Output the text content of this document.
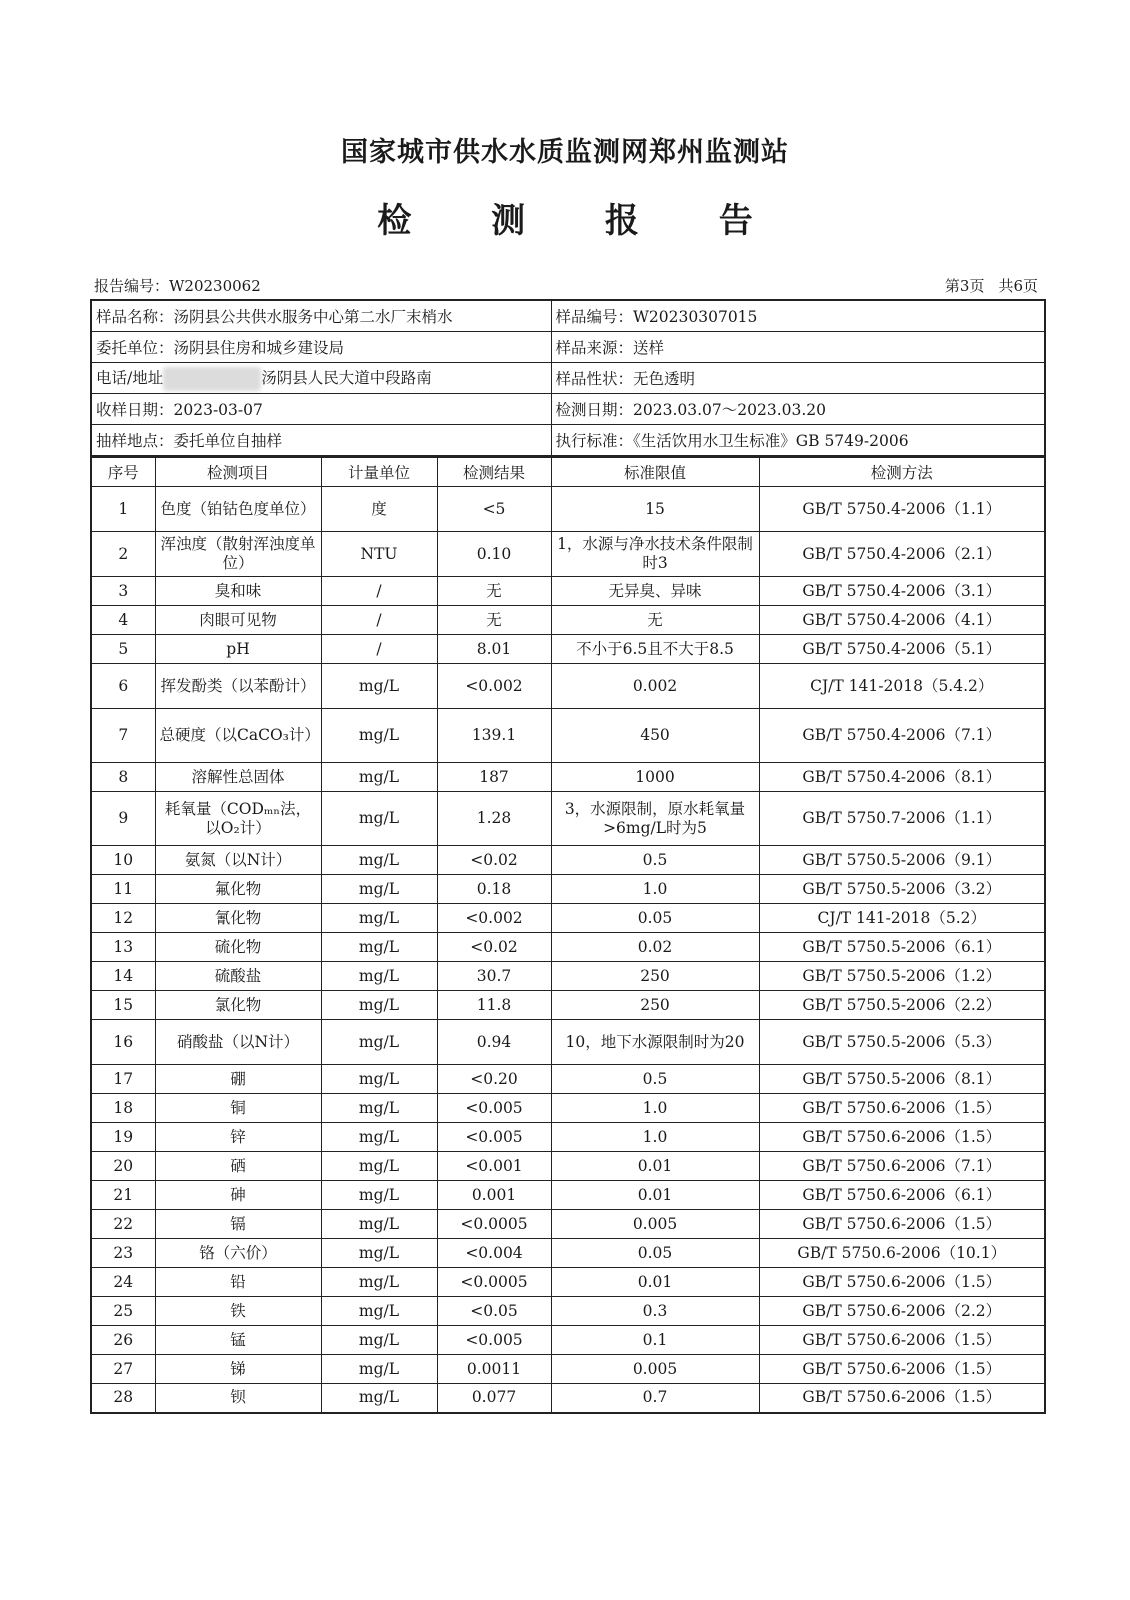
国家城市供水水质监测网郑州监测站
检 测 报 告
报告编号：W20230062	第3页 共6页
样品名称：汤阴县公共供水服务中心第二水厂末梢水	样品编号：W20230307015
委托单位：汤阴县住房和城乡建设局	样品来源：送样
电话/地址 汤阴县人民大道中段路南	样品性状：无色透明
收样日期：2023-03-07	检测日期：2023.03.07～2023.03.20
抽样地点：委托单位自抽样	执行标准：《生活饮用水卫生标准》GB 5749-2006
序号	检测项目	计量单位	检测结果	标准限值	检测方法
1	色度（铂钴色度单位）	度	<5	15	GB/T 5750.4-2006（1.1）
2	浑浊度（散射浑浊度单位）	NTU	0.10	1，水源与净水技术条件限制时3	GB/T 5750.4-2006（2.1）
3	臭和味	/	无	无异臭、异味	GB/T 5750.4-2006（3.1）
4	肉眼可见物	/	无	无	GB/T 5750.4-2006（4.1）
5	pH	/	8.01	不小于6.5且不大于8.5	GB/T 5750.4-2006（5.1）
6	挥发酚类（以苯酚计）	mg/L	<0.002	0.002	CJ/T 141-2018（5.4.2）
7	总硬度（以CaCO₃计）	mg/L	139.1	450	GB/T 5750.4-2006（7.1）
8	溶解性总固体	mg/L	187	1000	GB/T 5750.4-2006（8.1）
9	耗氧量（CODₘₙ法，以O₂计）	mg/L	1.28	3，水源限制，原水耗氧量>6mg/L时为5	GB/T 5750.7-2006（1.1）
10	氨氮（以N计）	mg/L	<0.02	0.5	GB/T 5750.5-2006（9.1）
11	氟化物	mg/L	0.18	1.0	GB/T 5750.5-2006（3.2）
12	氰化物	mg/L	<0.002	0.05	CJ/T 141-2018（5.2）
13	硫化物	mg/L	<0.02	0.02	GB/T 5750.5-2006（6.1）
14	硫酸盐	mg/L	30.7	250	GB/T 5750.5-2006（1.2）
15	氯化物	mg/L	11.8	250	GB/T 5750.5-2006（2.2）
16	硝酸盐（以N计）	mg/L	0.94	10，地下水源限制时为20	GB/T 5750.5-2006（5.3）
17	硼	mg/L	<0.20	0.5	GB/T 5750.5-2006（8.1）
18	铜	mg/L	<0.005	1.0	GB/T 5750.6-2006（1.5）
19	锌	mg/L	<0.005	1.0	GB/T 5750.6-2006（1.5）
20	硒	mg/L	<0.001	0.01	GB/T 5750.6-2006（7.1）
21	砷	mg/L	0.001	0.01	GB/T 5750.6-2006（6.1）
22	镉	mg/L	<0.0005	0.005	GB/T 5750.6-2006（1.5）
23	铬（六价）	mg/L	<0.004	0.05	GB/T 5750.6-2006（10.1）
24	铅	mg/L	<0.0005	0.01	GB/T 5750.6-2006（1.5）
25	铁	mg/L	<0.05	0.3	GB/T 5750.6-2006（2.2）
26	锰	mg/L	<0.005	0.1	GB/T 5750.6-2006（1.5）
27	锑	mg/L	0.0011	0.005	GB/T 5750.6-2006（1.5）
28	钡	mg/L	0.077	0.7	GB/T 5750.6-2006（1.5）
